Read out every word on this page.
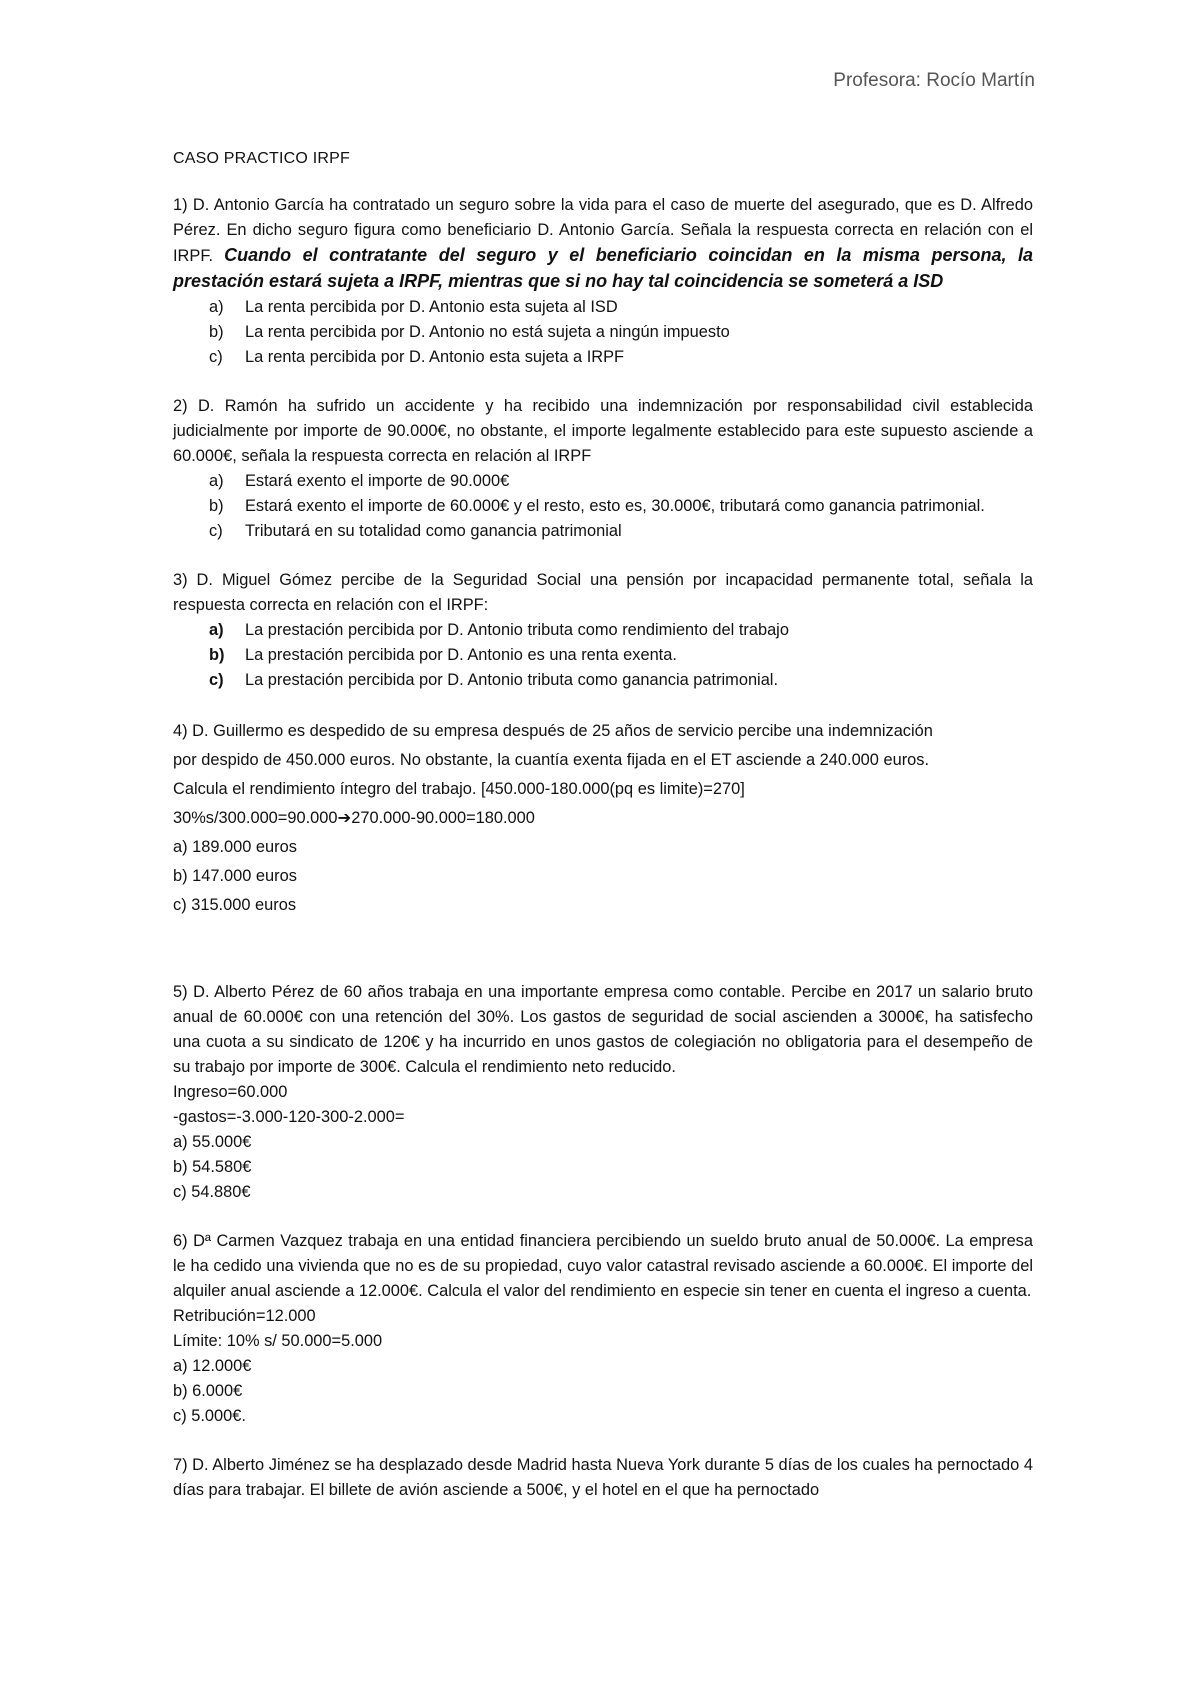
Profesora: Rocío Martín

CASO PRACTICO IRPF

1) D. Antonio García ha contratado un seguro sobre la vida para el caso de muerte del asegurado, que es D. Alfredo Pérez. En dicho seguro figura como beneficiario D. Antonio García. Señala la respuesta correcta en relación con el IRPF. Cuando el contratante del seguro y el beneficiario coincidan en la misma persona, la prestación estará sujeta a IRPF, mientras que si no hay tal coincidencia se someterá a ISD

a)	La renta percibida por D. Antonio esta sujeta al ISD
b)	La renta percibida por D. Antonio no está sujeta a ningún impuesto
c)	La renta percibida por D. Antonio esta sujeta a IRPF

2) D. Ramón ha sufrido un accidente y ha recibido una indemnización por responsabilidad civil establecida judicialmente por importe de 90.000€, no obstante, el importe legalmente establecido para este supuesto asciende a 60.000€, señala la respuesta correcta en relación al IRPF

a)	Estará exento el importe de 90.000€
b)	Estará exento el importe de 60.000€ y el resto, esto es, 30.000€, tributará como ganancia patrimonial.
c)	Tributará en su totalidad como ganancia patrimonial

3) D. Miguel Gómez percibe de la Seguridad Social una pensión por incapacidad permanente total, señala la respuesta correcta en relación con el IRPF:

a)	La prestación percibida por D. Antonio tributa como rendimiento del trabajo
b)	La prestación percibida por D. Antonio es una renta exenta.
c)	La prestación percibida por D. Antonio tributa como ganancia patrimonial.

4) D. Guillermo es despedido de su empresa después de 25 años de servicio percibe una indemnización

por despido de 450.000 euros. No obstante, la cuantía exenta fijada en el ET asciende a 240.000 euros.

Calcula el rendimiento íntegro del trabajo. [450.000-180.000(pq es limite)=270]

30%s/300.000=90.000➔270.000-90.000=180.000

a) 189.000 euros

b) 147.000 euros

c) 315.000 euros

5) D. Alberto Pérez de 60 años trabaja en una importante empresa como contable. Percibe en 2017 un salario bruto anual de 60.000€ con una retención del 30%. Los gastos de seguridad de social ascienden a 3000€, ha satisfecho una cuota a su sindicato de 120€ y ha incurrido en unos gastos de colegiación no obligatoria para el desempeño de su trabajo por importe de 300€. Calcula el rendimiento neto reducido.

Ingreso=60.000

-gastos=-3.000-120-300-2.000=

a) 55.000€

b) 54.580€

c) 54.880€

6) Dª Carmen Vazquez trabaja en una entidad financiera percibiendo un sueldo bruto anual de 50.000€. La empresa le ha cedido una vivienda que no es de su propiedad, cuyo valor catastral revisado asciende a 60.000€. El importe del alquiler anual asciende a 12.000€. Calcula el valor del rendimiento en especie sin tener en cuenta el ingreso a cuenta.

Retribución=12.000

Límite: 10% s/ 50.000=5.000

a) 12.000€

b) 6.000€

c) 5.000€.

7) D. Alberto Jiménez se ha desplazado desde Madrid hasta Nueva York durante 5 días de los cuales ha pernoctado 4 días para trabajar. El billete de avión asciende a 500€, y el hotel en el que ha pernoctado
